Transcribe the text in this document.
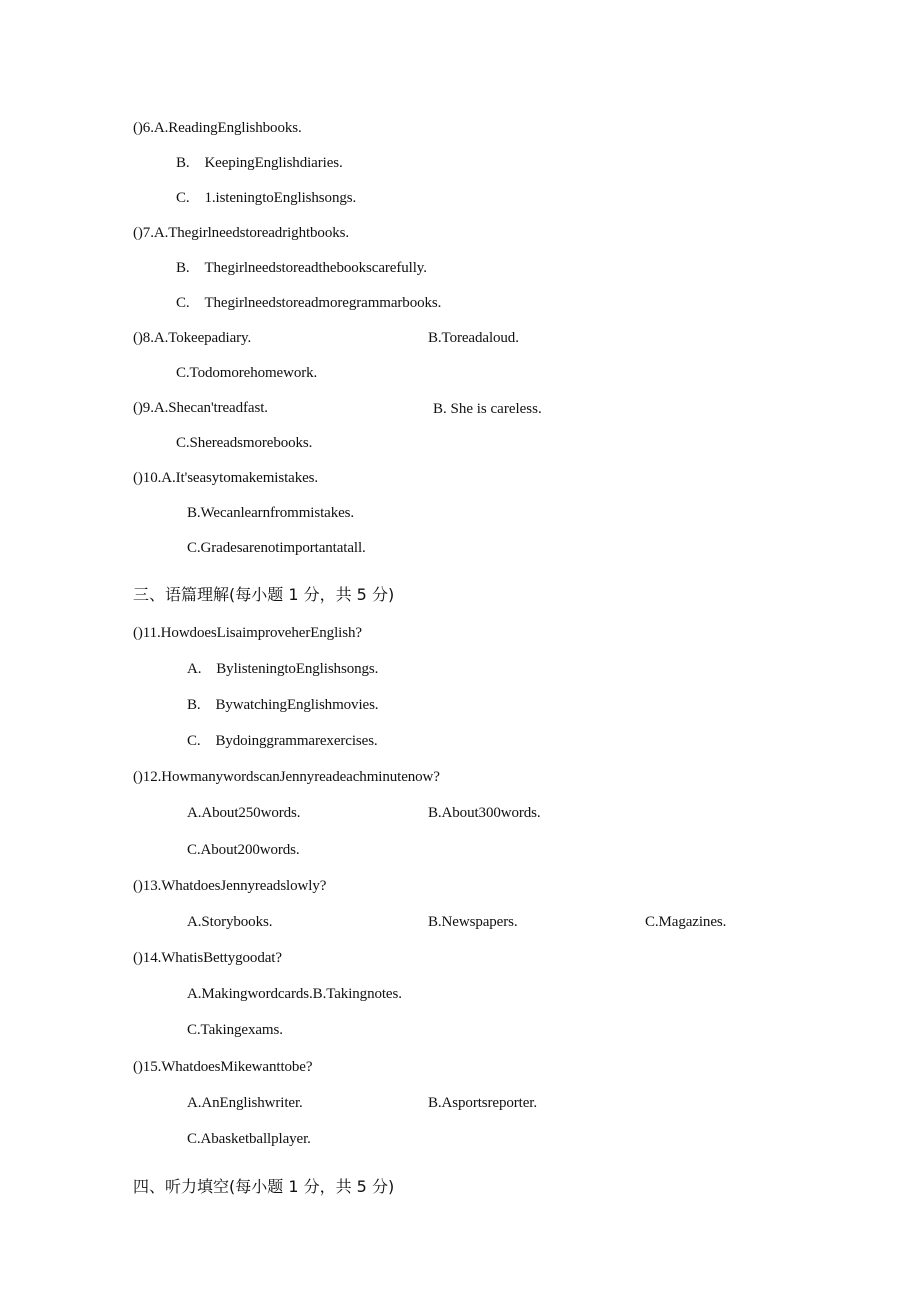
()6.A.ReadingEnglishbooks.
B. KeepingEnglishdiaries.
C. 1.isteningtoEnglishsongs.
()7.A.Thegirlneedstoreadrightbooks.
B. Thegirlneedstoreadthebookscarefully.
C. Thegirlneedstoreadmoregrammarbooks.
()8.A.Tokeepadiary.	B.Toreadaloud.
C.Todomorehomework.
()9.A.Shecan'treadfast.	B. She is careless.
C.Shereadsmorebooks.
()10.A.It'seasytomakemistakes.
B.Wecanlearnfrommistakes.
C.Gradesarenotimportantatall.
三、语篇理解(每小题 1 分，共 5 分)
()11.HowdoesLisaimproveherEnglish?
A. BylisteningtoEnglishsongs.
B. BywatchingEnglishmovies.
C. Bydoinggrammarexercises.
()12.HowmanywordscanJennyreadeachminutenow?
A.About250words.	B.About300words.
C.About200words.
()13.WhatdoesJennyreadslowly?
A.Storybooks.	B.Newspapers.	C.Magazines.
()14.WhatisBettygoodat?
A.Makingwordcards.B.Takingnotes.
C.Takingexams.
()15.WhatdoesMikewanttobe?
A.AnEnglishwriter.	B.Asportsreporter.
C.Abasketballplayer.
四、听力填空(每小题 1 分，共 5 分)
